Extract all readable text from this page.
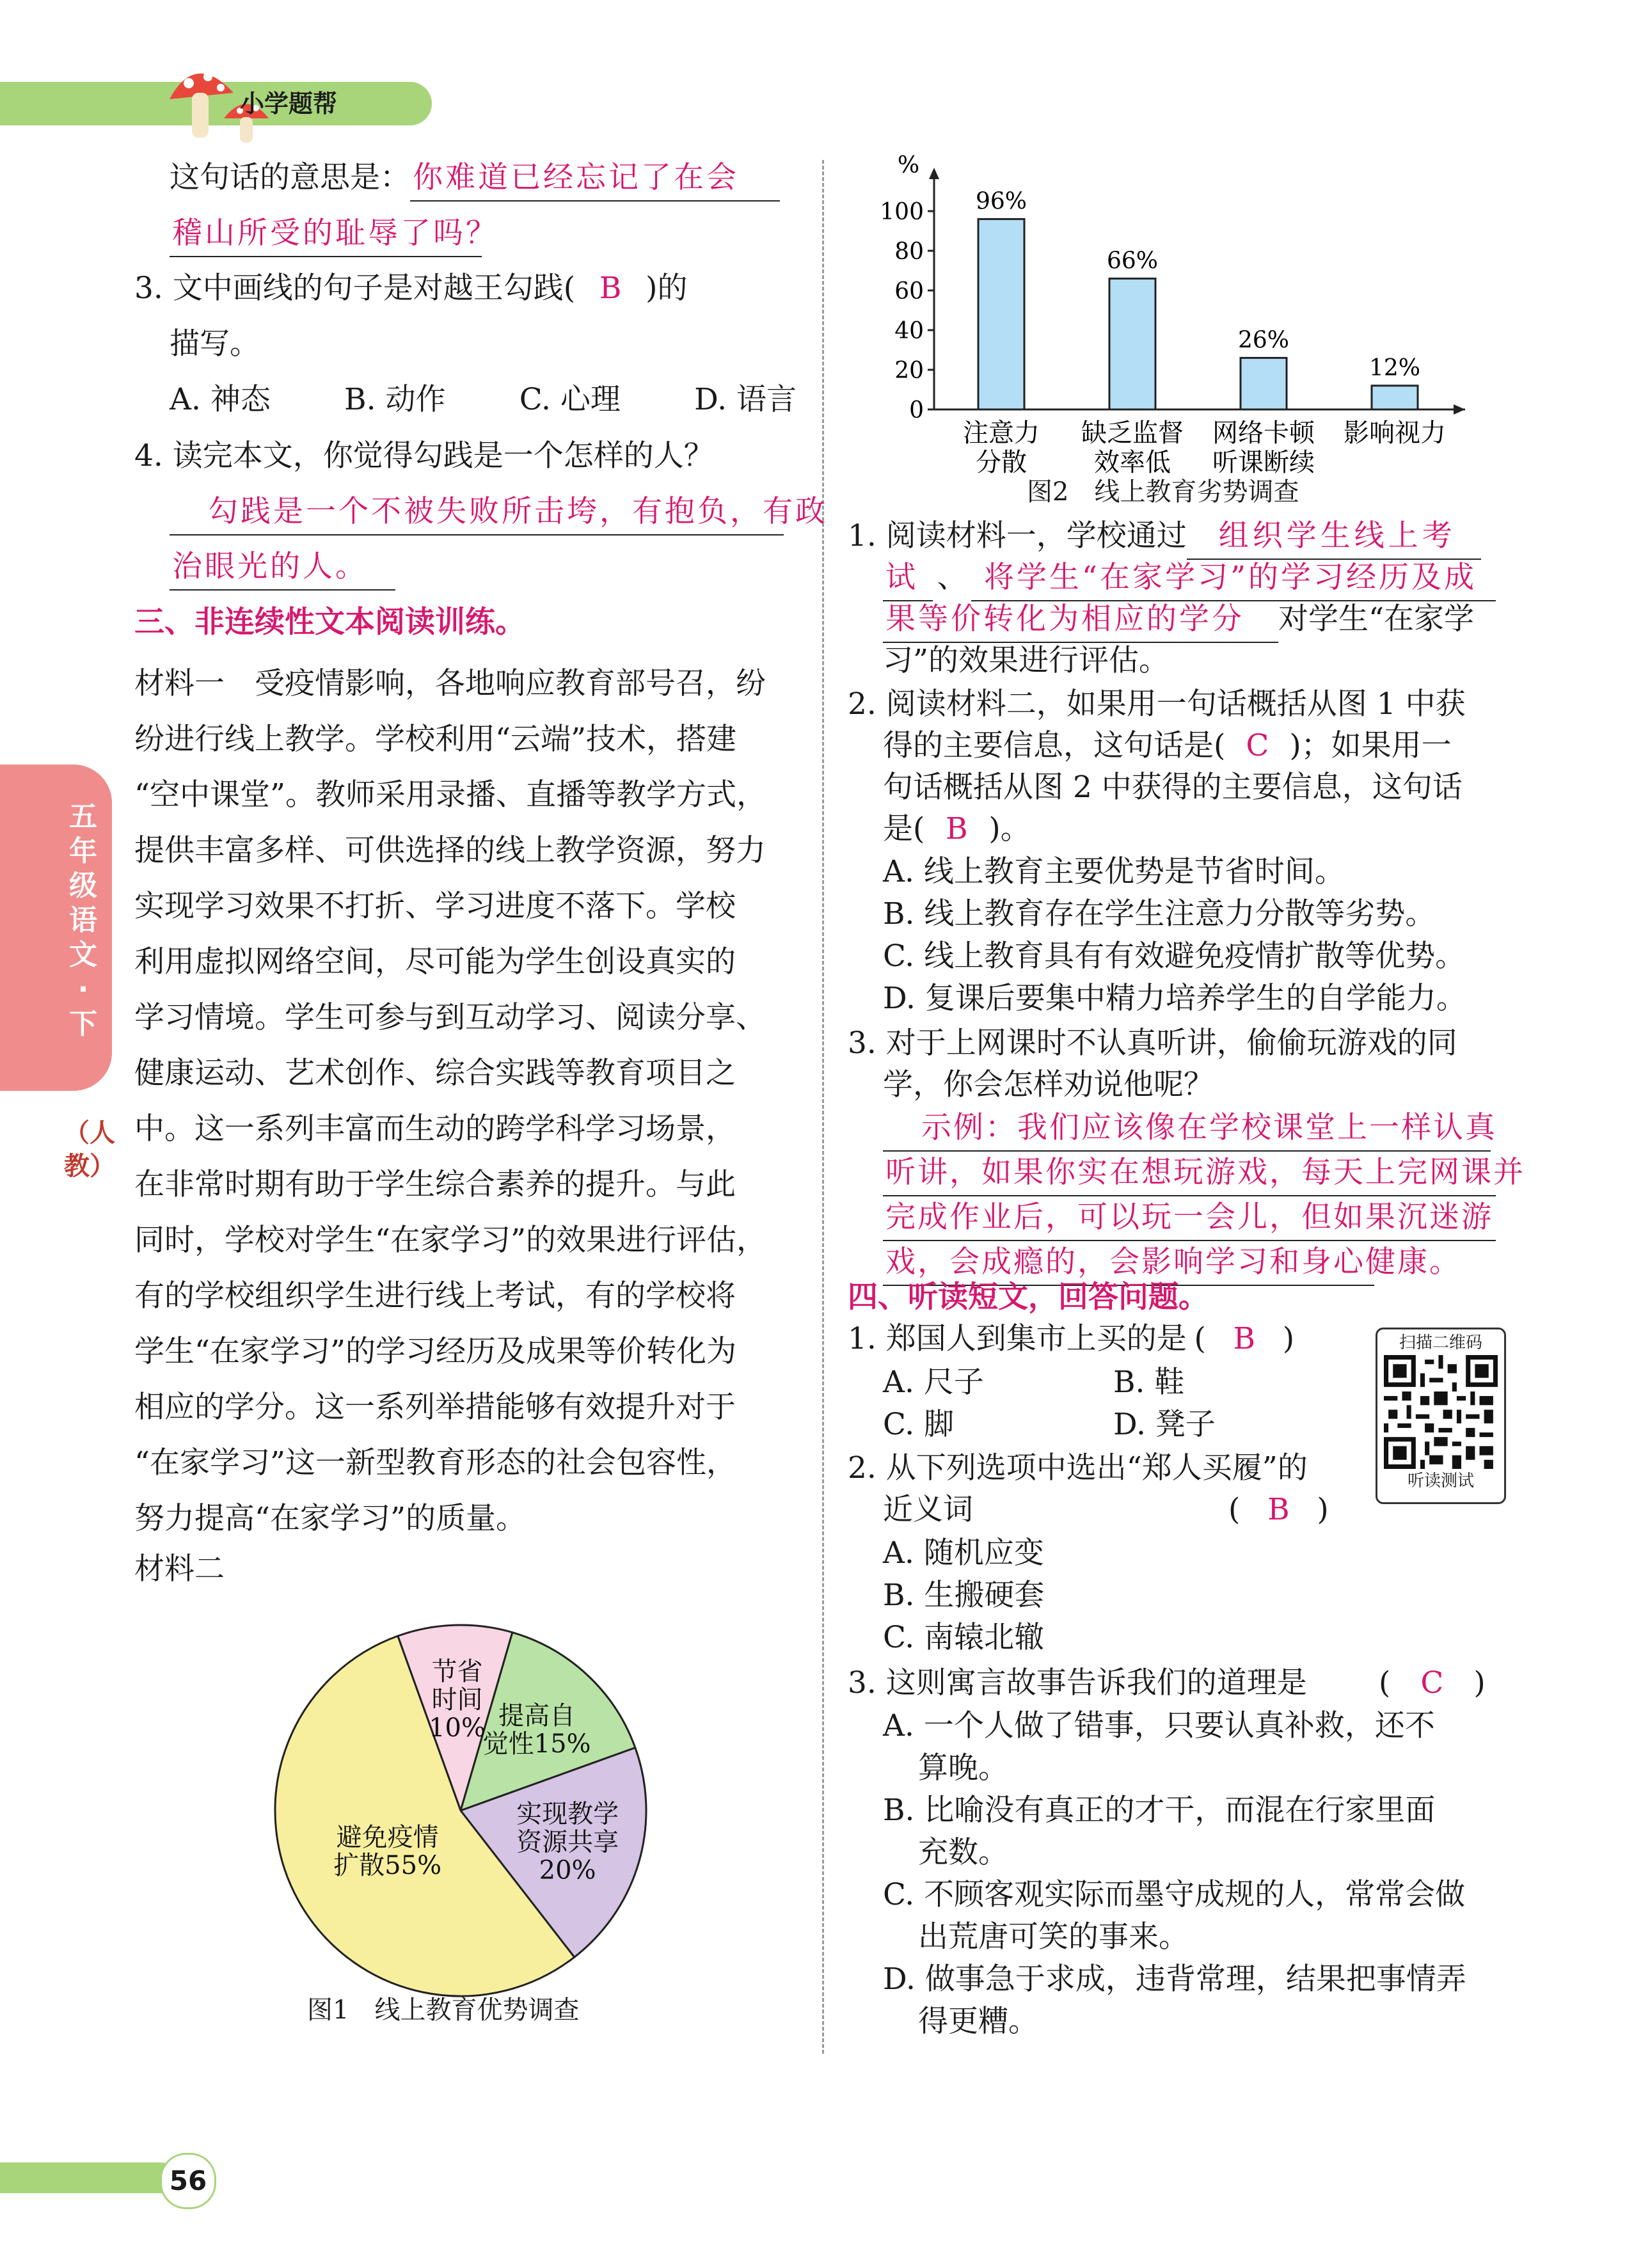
小学题帮
五年级语文·下
（人教）
这句话的意思是：你难道已经忘记了在会
稽山所受的耻辱了吗？
3. 文中画线的句子是对越王勾践( B )的
描写。
A. 神态 B. 动作 C. 心理 D. 语言
4. 读完本文，你觉得勾践是一个怎样的人？
勾践是一个不被失败所击垮，有抱负，有政
治眼光的人。
三、非连续性文本阅读训练。
材料一　受疫情影响，各地响应教育部号召，纷
纷进行线上教学。学校利用“云端”技术，搭建
“空中课堂”。教师采用录播、直播等教学方式，
提供丰富多样、可供选择的线上教学资源，努力
实现学习效果不打折、学习进度不落下。学校
利用虚拟网络空间，尽可能为学生创设真实的
学习情境。学生可参与到互动学习、阅读分享、
健康运动、艺术创作、综合实践等教育项目之
中。这一系列丰富而生动的跨学科学习场景，
在非常时期有助于学生综合素养的提升。与此
同时，学校对学生“在家学习”的效果进行评估，
有的学校组织学生进行线上考试，有的学校将
学生“在家学习”的学习经历及成果等价转化为
相应的学分。这一系列举措能够有效提升对于
“在家学习”这一新型教育形态的社会包容性，
努力提高“在家学习”的质量。
材料二
节省
时间
10% 提高自
觉性15%
实现教学
资源共享
20%
避免疫情
扩散55%
图1　线上教育优势调查
%
0
20
40
60
80
100 96%
注意力
分散
66%
缺乏监督
效率低
26%
网络卡顿
听课断续
12%
影响视力
图2　线上教育劣势调查
1. 阅读材料一，学校通过 组织学生线上考
试 、 将学生“在家学习”的学习经历及成
果等价转化为相应的学分 对学生“在家学
习”的效果进行评估。
2. 阅读材料二，如果用一句话概括从图 1 中获
得的主要信息，这句话是( C )；如果用一
句话概括从图 2 中获得的主要信息，这句话
是( B )。
A. 线上教育主要优势是节省时间。
B. 线上教育存在学生注意力分散等劣势。
C. 线上教育具有有效避免疫情扩散等优势。
D. 复课后要集中精力培养学生的自学能力。
3. 对于上网课时不认真听讲，偷偷玩游戏的同
学，你会怎样劝说他呢？
示例：我们应该像在学校课堂上一样认真
听讲，如果你实在想玩游戏，每天上完网课并
完成作业后，可以玩一会儿，但如果沉迷游
戏，会成瘾的，会影响学习和身心健康。
四、听读短文，回答问题。
1. 郑国人到集市上买的是 ( B )
A. 尺子	B. 鞋
C. 脚	D. 凳子
2. 从下列选项中选出“郑人买履”的
近义词	( B )
A. 随机应变
B. 生搬硬套
C. 南辕北辙
3. 这则寓言故事告诉我们的道理是 ( C )
A. 一个人做了错事，只要认真补救，还不
算晚。
B. 比喻没有真正的才干，而混在行家里面
充数。
C. 不顾客观实际而墨守成规的人，常常会做
出荒唐可笑的事来。
D. 做事急于求成，违背常理，结果把事情弄
得更糟。
扫描二维码
听读测试
56
